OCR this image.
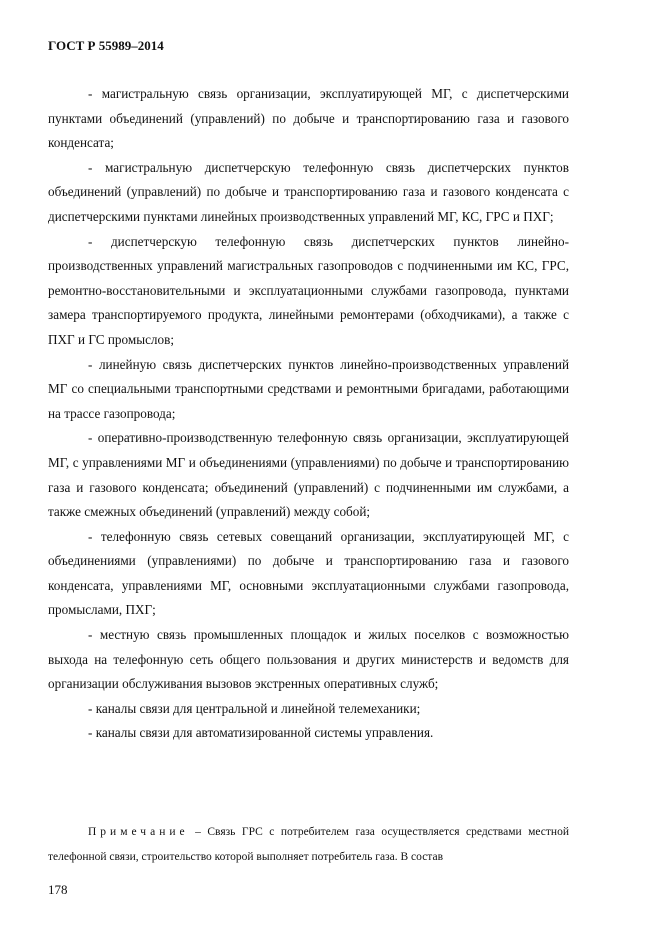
ГОСТ Р 55989–2014

- магистральную связь организации, эксплуатирующей МГ, с диспетчерскими пунктами объединений (управлений) по добыче и транспортированию газа и газового конденсата;

- магистральную диспетчерскую телефонную связь диспетчерских пунктов объединений (управлений) по добыче и транспортированию газа и газового конденсата с диспетчерскими пунктами линейных производственных управлений МГ, КС, ГРС и ПХГ;

- диспетчерскую телефонную связь диспетчерских пунктов линейно-производственных управлений магистральных газопроводов с подчиненными им КС, ГРС, ремонтно-восстановительными и эксплуатационными службами газопровода, пунктами замера транспортируемого продукта, линейными ремонтерами (обходчиками), а также с ПХГ и ГС промыслов;

- линейную связь диспетчерских пунктов линейно-производственных управлений МГ со специальными транспортными средствами и ремонтными бригадами, работающими на трассе газопровода;

- оперативно-производственную телефонную связь организации, эксплуатирующей МГ, с управлениями МГ и объединениями (управлениями) по добыче и транспортированию газа и газового конденсата; объединений (управлений) с подчиненными им службами, а также смежных объединений (управлений) между собой;

- телефонную связь сетевых совещаний организации, эксплуатирующей МГ, с объединениями (управлениями) по добыче и транспортированию газа и газового конденсата, управлениями МГ, основными эксплуатационными службами газопровода, промыслами, ПХГ;

- местную связь промышленных площадок и жилых поселков с возможностью выхода на телефонную сеть общего пользования и других министерств и ведомств для организации обслуживания вызовов экстренных оперативных служб;

- каналы связи для центральной и линейной телемеханики;

- каналы связи для автоматизированной системы управления.

Примечание – Связь ГРС с потребителем газа осуществляется средствами местной телефонной связи, строительство которой выполняет потребитель газа. В состав

178
